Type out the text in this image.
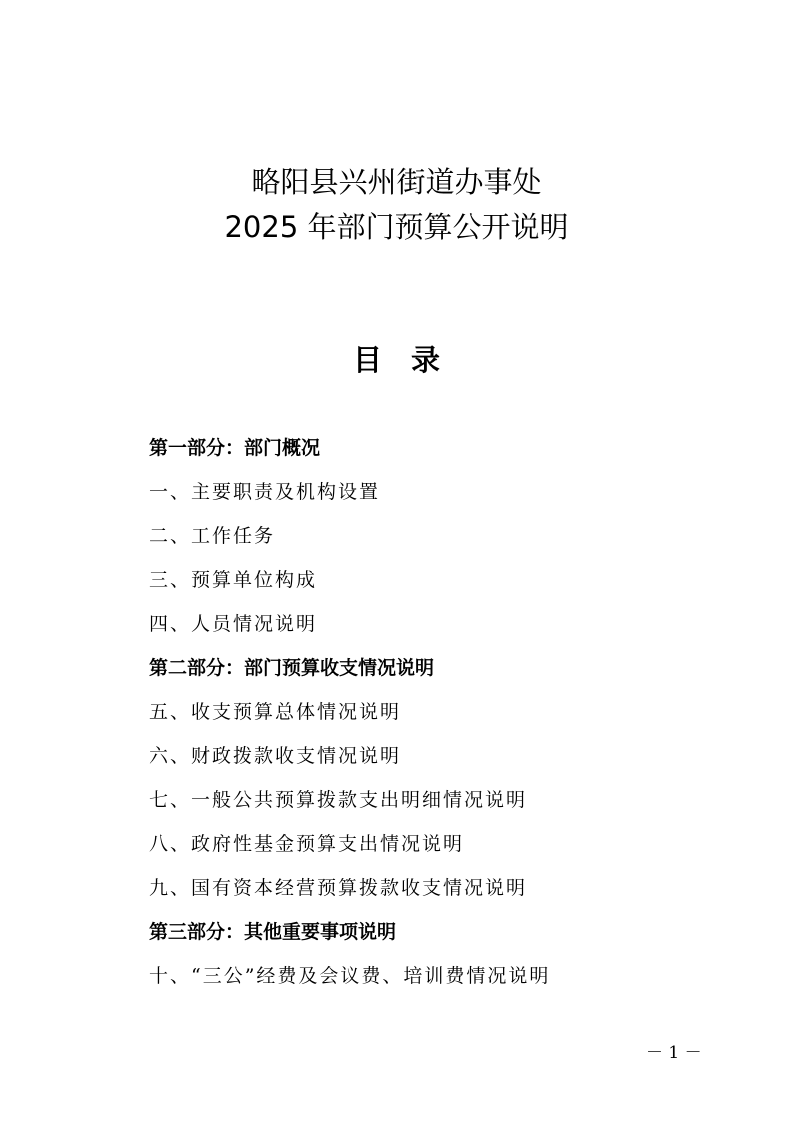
略阳县兴州街道办事处
2025 年部门预算公开说明
目　录
第一部分：部门概况
一、主要职责及机构设置
二、工作任务
三、预算单位构成
四、人员情况说明
第二部分：部门预算收支情况说明
五、收支预算总体情况说明
六、财政拨款收支情况说明
七、一般公共预算拨款支出明细情况说明
八、政府性基金预算支出情况说明
九、国有资本经营预算拨款收支情况说明
第三部分：其他重要事项说明
十、“三公”经费及会议费、培训费情况说明
－ 1 －
